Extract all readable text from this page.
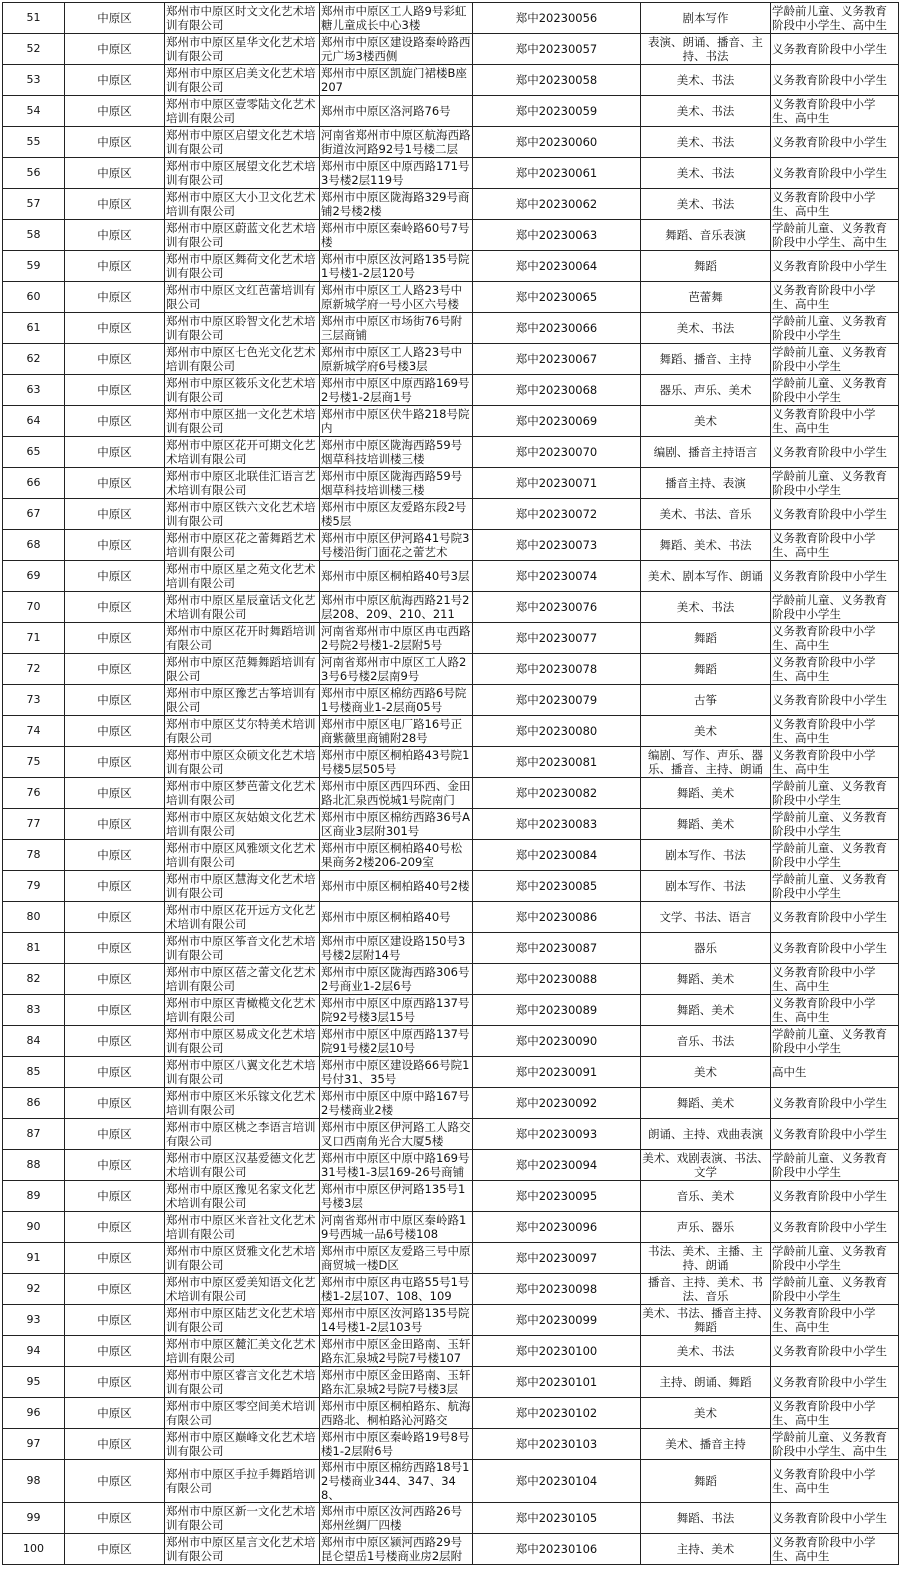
51	中原区	郑州市中原区时文文化艺术培训有限公司	郑州市中原区工人路9号彩虹糖儿童成长中心3楼	郑中20230056	剧本写作	学龄前儿童、义务教育阶段中小学生、高中生
52	中原区	郑州市中原区星华文化艺术培训有限公司	郑州市中原区建设路秦岭路西元广场3楼西侧	郑中20230057	表演、朗诵、播音、主持、书法	义务教育阶段中小学生
53	中原区	郑州市中原区启美文化艺术培训有限公司	郑州市中原区凯旋门裙楼B座207	郑中20230058	美术、书法	义务教育阶段中小学生
54	中原区	郑州市中原区壹零陆文化艺术培训有限公司	郑州市中原区洛河路76号	郑中20230059	美术、书法	义务教育阶段中小学生、高中生
55	中原区	郑州市中原区启望文化艺术培训有限公司	河南省郑州市中原区航海西路街道汝河路92号1号楼二层	郑中20230060	美术、书法	义务教育阶段中小学生
56	中原区	郑州市中原区展望文化艺术培训有限公司	郑州市中原区中原西路171号3号楼2层119号	郑中20230061	美术、书法	义务教育阶段中小学生
57	中原区	郑州市中原区大小卫文化艺术培训有限公司	郑州市中原区陇海路329号商铺2号楼2楼	郑中20230062	美术、书法	义务教育阶段中小学生、高中生
58	中原区	郑州市中原区蔚蓝文化艺术培训有限公司	郑州市中原区秦岭路60号7号楼	郑中20230063	舞蹈、音乐表演	学龄前儿童、义务教育阶段中小学生、高中生
59	中原区	郑州市中原区舞荷文化艺术培训有限公司	郑州市中原区汝河路135号院1号楼1-2层120号	郑中20230064	舞蹈	义务教育阶段中小学生
60	中原区	郑州市中原区文红芭蕾培训有限公司	郑州市中原区工人路23号中原新城学府一号小区六号楼	郑中20230065	芭蕾舞	义务教育阶段中小学生、高中生
61	中原区	郑州市中原区聆智文化艺术培训有限公司	郑州市中原区市场街76号附三层商铺	郑中20230066	美术、书法	学龄前儿童、义务教育阶段中小学生
62	中原区	郑州市中原区七色光文化艺术培训有限公司	郑州市中原区工人路23号中原新城学府6号楼3层	郑中20230067	舞蹈、播音、主持	学龄前儿童、义务教育阶段中小学生
63	中原区	郑州市中原区筱乐文化艺术培训有限公司	郑州市中原区中原西路169号2号楼1-2层商1号	郑中20230068	器乐、声乐、美术	学龄前儿童、义务教育阶段中小学生
64	中原区	郑州市中原区拙一文化艺术培训有限公司	郑州市中原区伏牛路218号院内	郑中20230069	美术	义务教育阶段中小学生、高中生
65	中原区	郑州市中原区花开可期文化艺术培训有限公司	郑州市中原区陇海西路59号烟草科技培训楼三楼	郑中20230070	编剧、播音主持语言	义务教育阶段中小学生
66	中原区	郑州市中原区北联佳汇语言艺术培训有限公司	郑州市中原区陇海西路59号烟草科技培训楼三楼	郑中20230071	播音主持、表演	学龄前儿童、义务教育阶段中小学生
67	中原区	郑州市中原区铁六文化艺术培训有限公司	郑州市中原区友爱路东段2号楼5层	郑中20230072	美术、书法、音乐	义务教育阶段中小学生
68	中原区	郑州市中原区花之蕾舞蹈艺术培训有限公司	郑州市中原区伊河路41号院3号楼沿街门面花之蕾艺术	郑中20230073	舞蹈、美术、书法	义务教育阶段中小学生、高中生
69	中原区	郑州市中原区星之苑文化艺术培训有限公司	郑州市中原区桐柏路40号3层	郑中20230074	美术、剧本写作、朗诵	义务教育阶段中小学生
70	中原区	郑州市中原区星辰童话文化艺术培训有限公司	郑州市中原区航海西路21号2层208、209、210、211	郑中20230076	美术、书法	学龄前儿童、义务教育阶段中小学生
71	中原区	郑州市中原区花开时舞蹈培训有限公司	河南省郑州市中原区冉屯西路2号院2号楼1-2层附5号	郑中20230077	舞蹈	义务教育阶段中小学生、高中生
72	中原区	郑州市中原区范舞舞蹈培训有限公司	河南省郑州市中原区工人路23号6号楼2层南9号	郑中20230078	舞蹈	义务教育阶段中小学生、高中生
73	中原区	郑州市中原区豫艺古筝培训有限公司	郑州市中原区棉纺西路6号院1号楼商业1-2层商05号	郑中20230079	古筝	义务教育阶段中小学生
74	中原区	郑州市中原区艾尔特美术培训有限公司	郑州市中原区电厂路16号正商紫薇里商铺附28号	郑中20230080	美术	义务教育阶段中小学生、高中生
75	中原区	郑州市中原区众硕文化艺术培训有限公司	郑州市中原区桐柏路43号院1号楼5层505号	郑中20230081	编剧、写作、声乐、器乐、播音、主持、朗诵	义务教育阶段中小学生、高中生
76	中原区	郑州市中原区梦芭蕾文化艺术培训有限公司	郑州市中原区西四环西、金田路北汇泉西悦城1号院南门	郑中20230082	舞蹈、美术	学龄前儿童、义务教育阶段中小学生
77	中原区	郑州市中原区灰姑娘文化艺术培训有限公司	郑州市中原区棉纺西路36号A区商业3层附301号	郑中20230083	舞蹈、美术	学龄前儿童、义务教育阶段中小学生
78	中原区	郑州市中原区风雅颂文化艺术培训有限公司	郑州市中原区桐柏路40号松果商务2楼206-209室	郑中20230084	剧本写作、书法	学龄前儿童、义务教育阶段中小学生
79	中原区	郑州市中原区慧海文化艺术培训有限公司	郑州市中原区桐柏路40号2楼	郑中20230085	剧本写作、书法	学龄前儿童、义务教育阶段中小学生
80	中原区	郑州市中原区花开远方文化艺术培训有限公司	郑州市中原区桐柏路40号	郑中20230086	文学、书法、语言	义务教育阶段中小学生
81	中原区	郑州市中原区筝音文化艺术培训有限公司	郑州市中原区建设路150号3号楼2层附14号	郑中20230087	器乐	义务教育阶段中小学生
82	中原区	郑州市中原区蓓之蕾文化艺术培训有限公司	郑州市中原区陇海西路306号2号商业1-2层6号	郑中20230088	舞蹈、美术	义务教育阶段中小学生、高中生
83	中原区	郑州市中原区青橄榄文化艺术培训有限公司	郑州市中原区中原西路137号院92号楼3层15号	郑中20230089	舞蹈、美术	义务教育阶段中小学生、高中生
84	中原区	郑州市中原区易成文化艺术培训有限公司	郑州市中原区中原西路137号院91号楼2层10号	郑中20230090	音乐、书法	学龄前儿童、义务教育阶段中小学生
85	中原区	郑州市中原区八翼文化艺术培训有限公司	郑州市中原区建设路66号院1号付31、35号	郑中20230091	美术	高中生
86	中原区	郑州市中原区米乐镓文化艺术培训有限公司	郑州市中原区中原中路167号2号楼商业2楼	郑中20230092	舞蹈、美术	义务教育阶段中小学生
87	中原区	郑州市中原区桃之李语言培训有限公司	郑州市中原区伊河路工人路交叉口西南角光合大厦5楼	郑中20230093	朗诵、主持、戏曲表演	义务教育阶段中小学生
88	中原区	郑州市中原区汉基爱德文化艺术培训有限公司	郑州市中原区中原中路169号31号楼1-3层169-26号商铺	郑中20230094	美术、戏剧表演、书法、文学	学龄前儿童、义务教育阶段中小学生
89	中原区	郑州市中原区豫见名家文化艺术培训有限公司	郑州市中原区伊河路135号1号楼3层	郑中20230095	音乐、美术	义务教育阶段中小学生
90	中原区	郑州市中原区米音社文化艺术培训有限公司	河南省郑州市中原区秦岭路19号西城一品6号楼108	郑中20230096	声乐、器乐	义务教育阶段中小学生
91	中原区	郑州市中原区贤雅文化艺术培训有限公司	郑州市中原区友爱路三号中原商贸城一楼D区	郑中20230097	书法、美术、主播、主持、朗诵	学龄前儿童、义务教育阶段中小学生
92	中原区	郑州市中原区爱美知语文化艺术培训有限公司	郑州市中原区冉屯路55号1号楼1-2层107、108、109	郑中20230098	播音、主持、美术、书法、音乐	学龄前儿童、义务教育阶段中小学生
93	中原区	郑州市中原区陆艺文化艺术培训有限公司	郑州市中原区汝河路135号院14号楼1-2层103号	郑中20230099	美术、书法、播音主持、舞蹈	义务教育阶段中小学生、高中生
94	中原区	郑州市中原区麓汇美文化艺术培训有限公司	郑州市中原区金田路南、玉轩路东汇泉城2号院7号楼107	郑中20230100	美术、书法	义务教育阶段中小学生
95	中原区	郑州市中原区睿言文化艺术培训有限公司	郑州市中原区金田路南、玉轩路东汇泉城2号院7号楼3层	郑中20230101	主持、朗诵、舞蹈	义务教育阶段中小学生
96	中原区	郑州市中原区零空间美术培训有限公司	郑州市中原区桐柏路东、航海西路北、桐柏路沁河路交	郑中20230102	美术	义务教育阶段中小学生、高中生
97	中原区	郑州市中原区巅峰文化艺术培训有限公司	郑州市中原区秦岭路19号8号楼1-2层附6号	郑中20230103	美术、播音主持	学龄前儿童、义务教育阶段中小学生、高中生
98	中原区	郑州市中原区手拉手舞蹈培训有限公司	郑州市中原区棉纺西路18号12号楼商业344、347、348、	郑中20230104	舞蹈	义务教育阶段中小学生、高中生
99	中原区	郑州市中原区新一文化艺术培训有限公司	郑州市中原区汝河西路26号郑州丝绸厂四楼	郑中20230105	舞蹈、书法	义务教育阶段中小学生
100	中原区	郑州市中原区星言文化艺术培训有限公司	郑州市中原区颍河西路29号昆仑望岳1号楼商业房2层附	郑中20230106	主持、美术	义务教育阶段中小学生、高中生
